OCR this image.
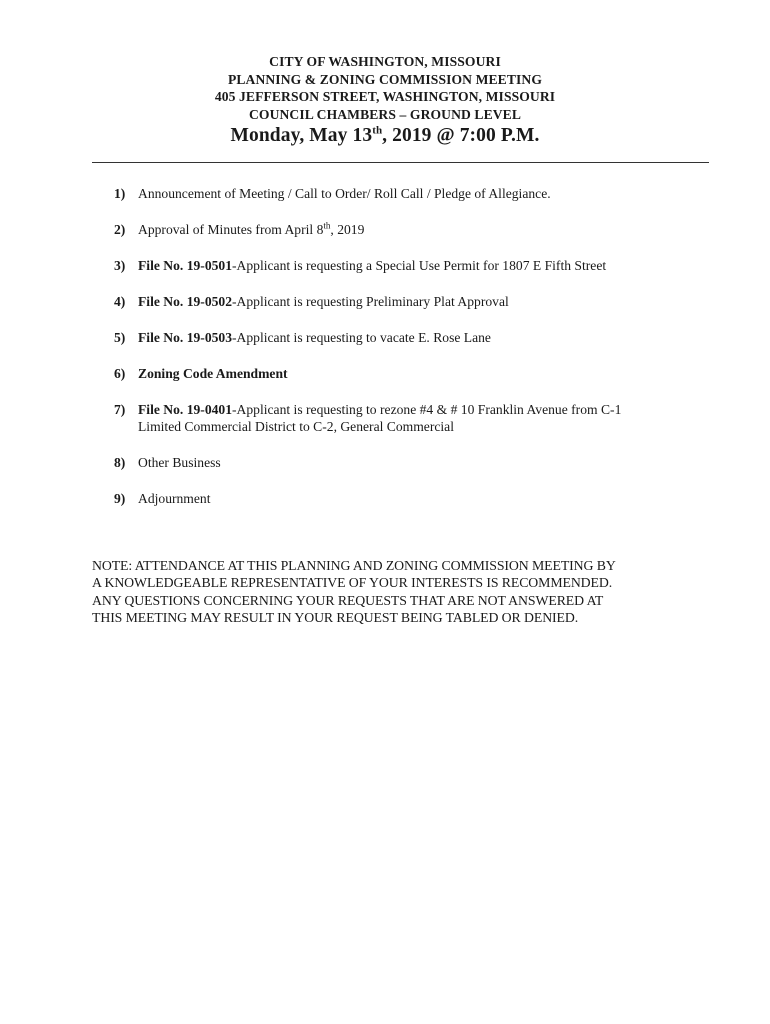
CITY OF WASHINGTON, MISSOURI
PLANNING & ZONING COMMISSION MEETING
405 JEFFERSON STREET, WASHINGTON, MISSOURI
COUNCIL CHAMBERS – GROUND LEVEL
Monday, May 13th, 2019 @ 7:00 P.M.
1) Announcement of Meeting / Call to Order/ Roll Call / Pledge of Allegiance.
2) Approval of Minutes from April 8th, 2019
3) File No. 19-0501-Applicant is requesting a Special Use Permit for 1807 E Fifth Street
4) File No. 19-0502-Applicant is requesting Preliminary Plat Approval
5) File No. 19-0503-Applicant is requesting to vacate E. Rose Lane
6) Zoning Code Amendment
7) File No. 19-0401-Applicant is requesting to rezone #4 & # 10 Franklin Avenue from C-1
Limited Commercial District to C-2, General Commercial
8) Other Business
9) Adjournment
NOTE: ATTENDANCE AT THIS PLANNING AND ZONING COMMISSION MEETING BY
A KNOWLEDGEABLE REPRESENTATIVE OF YOUR INTERESTS IS RECOMMENDED.
ANY QUESTIONS CONCERNING YOUR REQUESTS THAT ARE NOT ANSWERED AT
THIS MEETING MAY RESULT IN YOUR REQUEST BEING TABLED OR DENIED.
